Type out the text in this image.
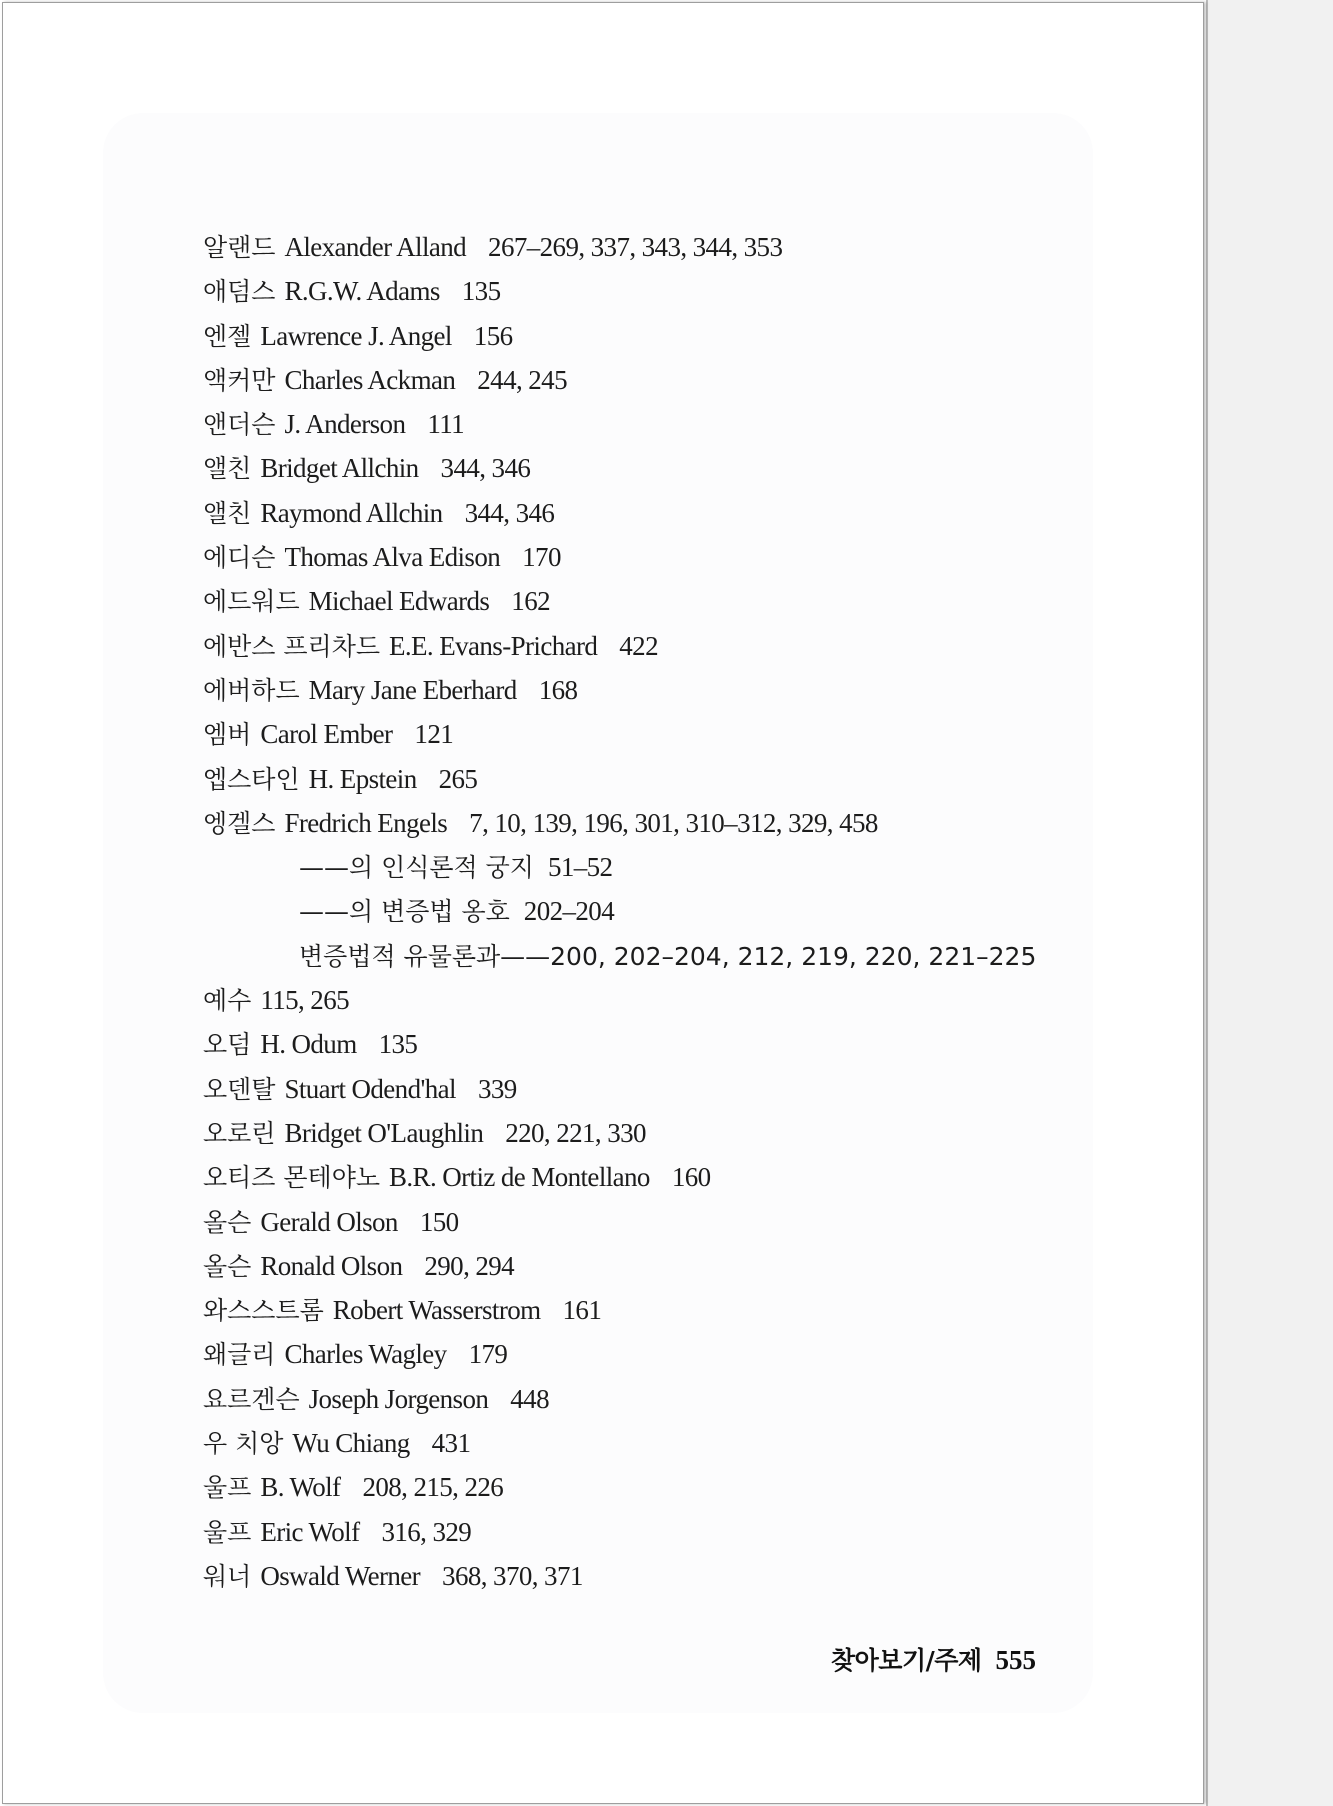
알랜드 Alexander Alland 267–269, 337, 343, 344, 353
애덤스 R.G.W. Adams 135
엔젤 Lawrence J. Angel 156
액커만 Charles Ackman 244, 245
앤더슨 J. Anderson 111
앨친 Bridget Allchin 344, 346
앨친 Raymond Allchin 344, 346
에디슨 Thomas Alva Edison 170
에드워드 Michael Edwards 162
에반스 프리차드 E.E. Evans-Prichard 422
에버하드 Mary Jane Eberhard 168
엠버 Carol Ember 121
엡스타인 H. Epstein 265
엥겔스 Fredrich Engels 7, 10, 139, 196, 301, 310–312, 329, 458
——의 인식론적 궁지 51–52
——의 변증법 옹호 202–204
변증법적 유물론과——200, 202–204, 212, 219, 220, 221–225
예수 115, 265
오덤 H. Odum 135
오덴탈 Stuart Odend'hal 339
오로린 Bridget O'Laughlin 220, 221, 330
오티즈 몬테야노 B.R. Ortiz de Montellano 160
올슨 Gerald Olson 150
올슨 Ronald Olson 290, 294
와스스트롬 Robert Wasserstrom 161
왜글리 Charles Wagley 179
요르겐슨 Joseph Jorgenson 448
우 치앙 Wu Chiang 431
울프 B. Wolf 208, 215, 226
울프 Eric Wolf 316, 329
워너 Oswald Werner 368, 370, 371
찾아보기/주제 555
